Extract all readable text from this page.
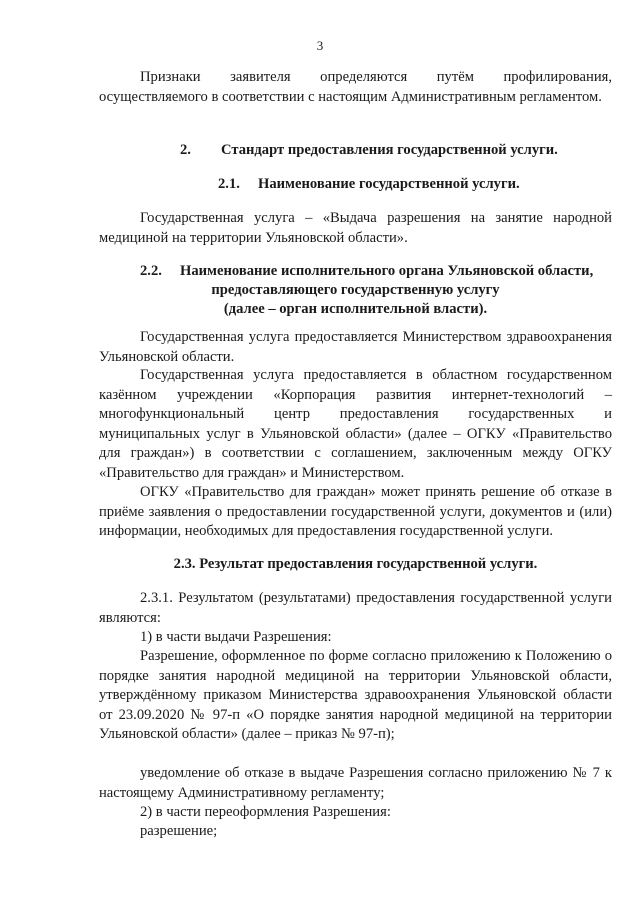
3

Признаки заявителя определяются путём профилирования, осуществляемого в соответствии с настоящим Административным регламентом.

2. Стандарт предоставления государственной услуги.
2.1. Наименование государственной услуги.

Государственная услуга – «Выдача разрешения на занятие народной медициной на территории Ульяновской области».

2.2. Наименование исполнительного органа Ульяновской области,
предоставляющего государственную услугу
(далее – орган исполнительной власти).

Государственная услуга предоставляется Министерством здравоохранения Ульяновской области.

Государственная услуга предоставляется в областном государственном казённом учреждении «Корпорация развития интернет-технологий – многофункциональный центр предоставления государственных и муниципальных услуг в Ульяновской области» (далее – ОГКУ «Правительство для граждан») в соответствии с соглашением, заключенным между ОГКУ «Правительство для граждан» и Министерством.

ОГКУ «Правительство для граждан» может принять решение об отказе в приёме заявления о предоставлении государственной услуги, документов и (или) информации, необходимых для предоставления государственной услуги.

2.3. Результат предоставления государственной услуги.

2.3.1. Результатом (результатами) предоставления государственной услуги являются:

1) в части выдачи Разрешения:

Разрешение, оформленное по форме согласно приложению к Положению о порядке занятия народной медициной на территории Ульяновской области, утверждённому приказом Министерства здравоохранения Ульяновской области от 23.09.2020 № 97-п «О порядке занятия народной медициной на территории Ульяновской области» (далее – приказ № 97-п);

уведомление об отказе в выдаче Разрешения согласно приложению № 7 к настоящему Административному регламенту;

2) в части переоформления Разрешения:

разрешение;
